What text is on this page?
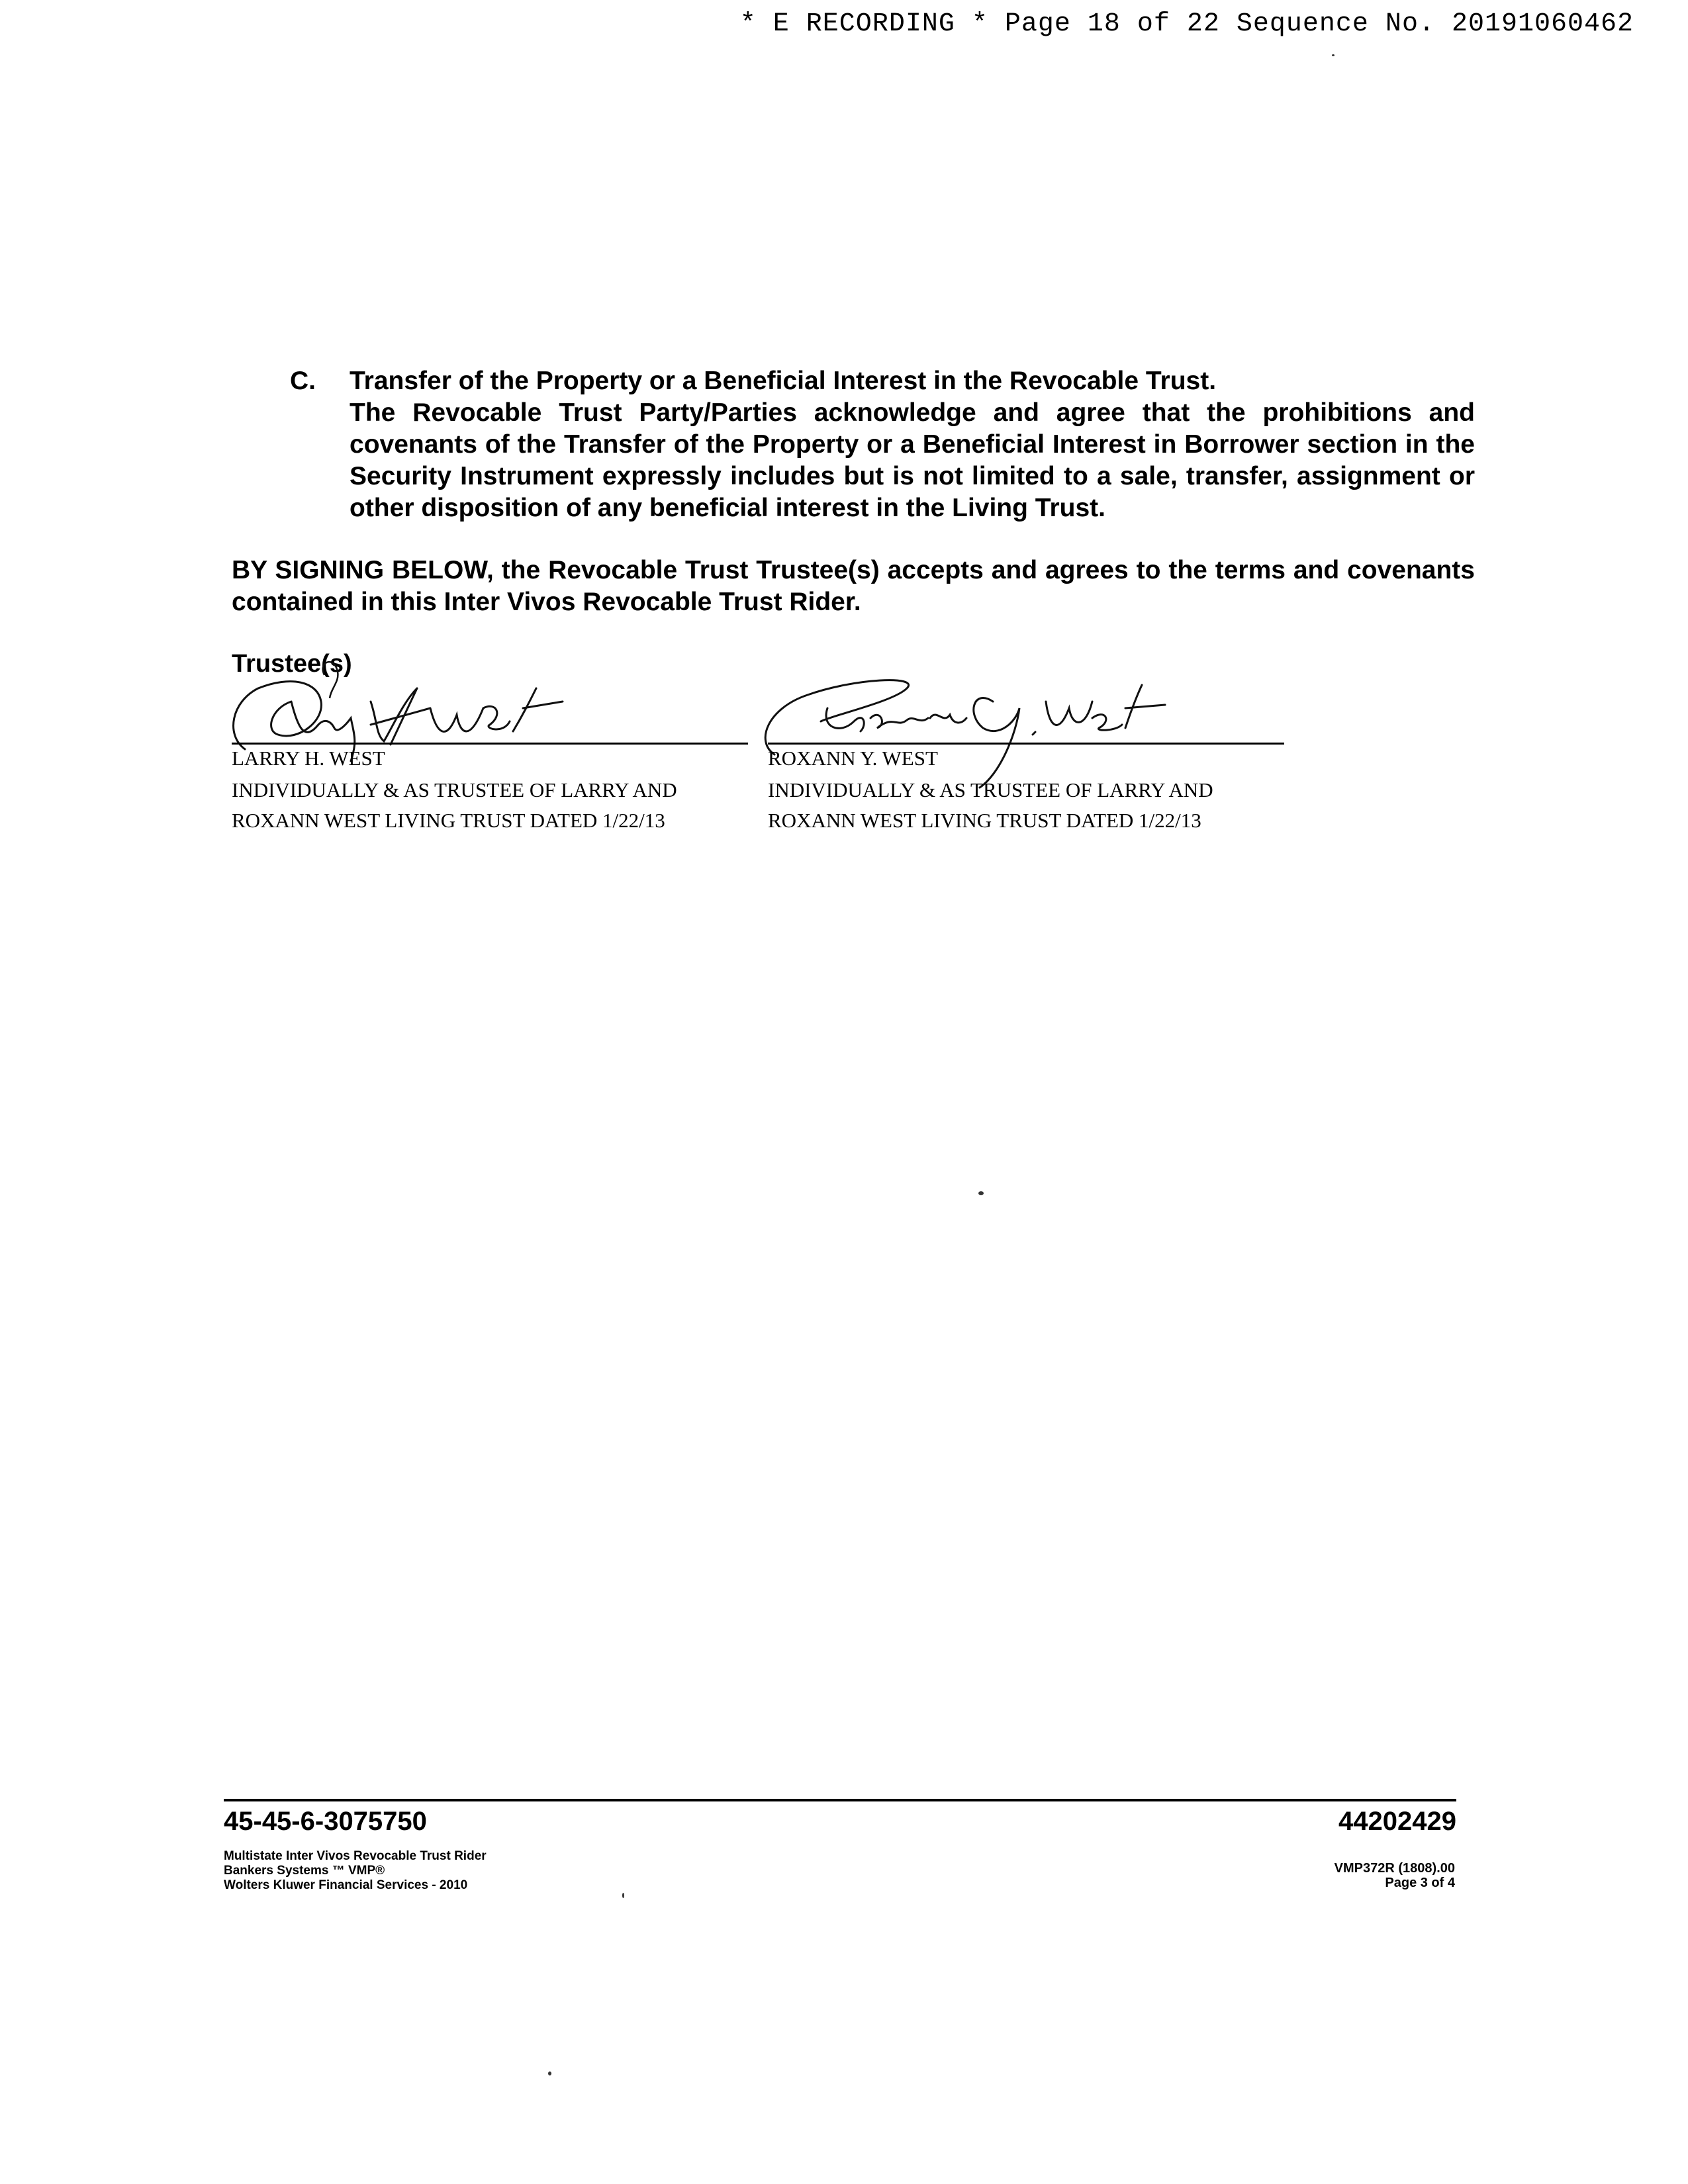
* E RECORDING * Page 18 of 22 Sequence No. 20191060462
C. Transfer of the Property or a Beneficial Interest in the Revocable Trust.
The Revocable Trust Party/Parties acknowledge and agree that the prohibitions and covenants of the Transfer of the Property or a Beneficial Interest in Borrower section in the Security Instrument expressly includes but is not limited to a sale, transfer, assignment or other disposition of any beneficial interest in the Living Trust.
BY SIGNING BELOW, the Revocable Trust Trustee(s) accepts and agrees to the terms and covenants contained in this Inter Vivos Revocable Trust Rider.
Trustee(s)
LARRY H. WEST
INDIVIDUALLY & AS TRUSTEE OF LARRY AND
ROXANN WEST LIVING TRUST DATED 1/22/13
ROXANN Y. WEST
INDIVIDUALLY & AS TRUSTEE OF LARRY AND
ROXANN WEST LIVING TRUST DATED 1/22/13
45-45-6-3075750	44202429
Multistate Inter Vivos Revocable Trust Rider
Bankers Systems ™ VMP®
Wolters Kluwer Financial Services - 2010
VMP372R (1808).00
Page 3 of 4
